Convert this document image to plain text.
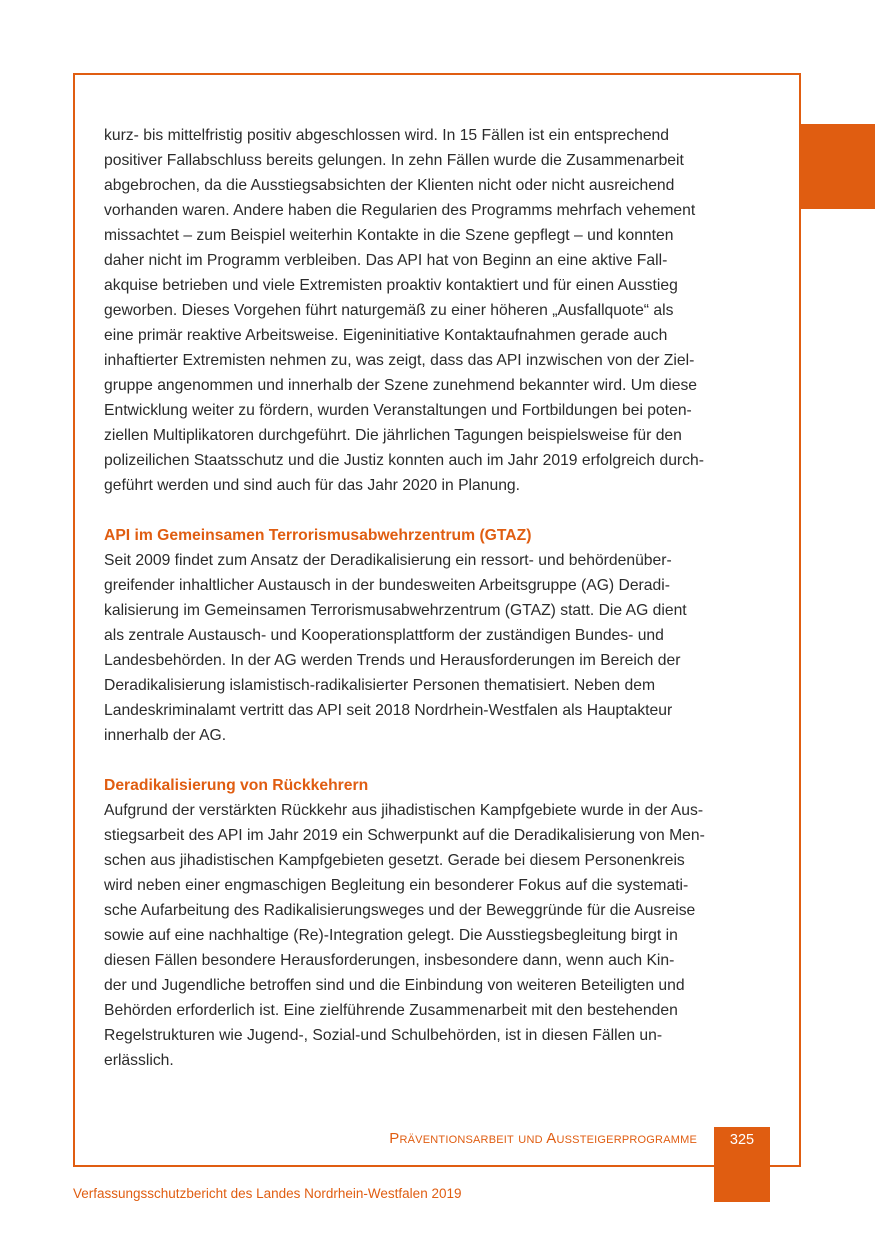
kurz- bis mittelfristig positiv abgeschlossen wird. In 15 Fällen ist ein entsprechend
positiver Fallabschluss bereits gelungen. In zehn Fällen wurde die Zusammenarbeit
abgebrochen, da die Ausstiegsabsichten der Klienten nicht oder nicht ausreichend
vorhanden waren. Andere haben die Regularien des Programms mehrfach vehement
missachtet – zum Beispiel weiterhin Kontakte in die Szene gepflegt – und konnten
daher nicht im Programm verbleiben. Das API hat von Beginn an eine aktive Fall-
akquise betrieben und viele Extremisten proaktiv kontaktiert und für einen Ausstieg
geworben. Dieses Vorgehen führt naturgemäß zu einer höheren „Ausfallquote“ als
eine primär reaktive Arbeitsweise. Eigeninitiative Kontaktaufnahmen gerade auch
inhaftierter Extremisten nehmen zu, was zeigt, dass das API inzwischen von der Ziel-
gruppe angenommen und innerhalb der Szene zunehmend bekannter wird. Um diese
Entwicklung weiter zu fördern, wurden Veranstaltungen und Fortbildungen bei poten-
ziellen Multiplikatoren durchgeführt. Die jährlichen Tagungen beispielsweise für den
polizeilichen Staatsschutz und die Justiz konnten auch im Jahr 2019 erfolgreich durch-
geführt werden und sind auch für das Jahr 2020 in Planung.
API im Gemeinsamen Terrorismusabwehrzentrum (GTAZ)
Seit 2009 findet zum Ansatz der Deradikalisierung ein ressort- und behördenüber-
greifender inhaltlicher Austausch in der bundesweiten Arbeitsgruppe (AG) Deradi-
kalisierung im Gemeinsamen Terrorismusabwehrzentrum (GTAZ) statt. Die AG dient
als zentrale Austausch- und Kooperationsplattform der zuständigen Bundes- und
Landesbehörden. In der AG werden Trends und Herausforderungen im Bereich der
Deradikalisierung islamistisch-radikalisierter Personen thematisiert. Neben dem
Landeskriminalamt vertritt das API seit 2018 Nordrhein-Westfalen als Hauptakteur
innerhalb der AG.
Deradikalisierung von Rückkehrern
Aufgrund der verstärkten Rückkehr aus jihadistischen Kampfgebiete wurde in der Aus-
stiegsarbeit des API im Jahr 2019 ein Schwerpunkt auf die Deradikalisierung von Men-
schen aus jihadistischen Kampfgebieten gesetzt. Gerade bei diesem Personenkreis
wird neben einer engmaschigen Begleitung ein besonderer Fokus auf die systemati-
sche Aufarbeitung des Radikalisierungsweges und der Beweggründe für die Ausreise
sowie auf eine nachhaltige (Re)-Integration gelegt. Die Ausstiegsbegleitung birgt in
diesen Fällen besondere Herausforderungen, insbesondere dann, wenn auch Kin-
der und Jugendliche betroffen sind und die Einbindung von weiteren Beteiligten und
Behörden erforderlich ist. Eine zielführende Zusammenarbeit mit den bestehenden
Regelstrukturen wie Jugend-, Sozial-und Schulbehörden, ist in diesen Fällen un-
erlässlich.
Präventionsarbeit und Aussteigerprogramme	325
Verfassungsschutzbericht des Landes Nordrhein-Westfalen 2019
